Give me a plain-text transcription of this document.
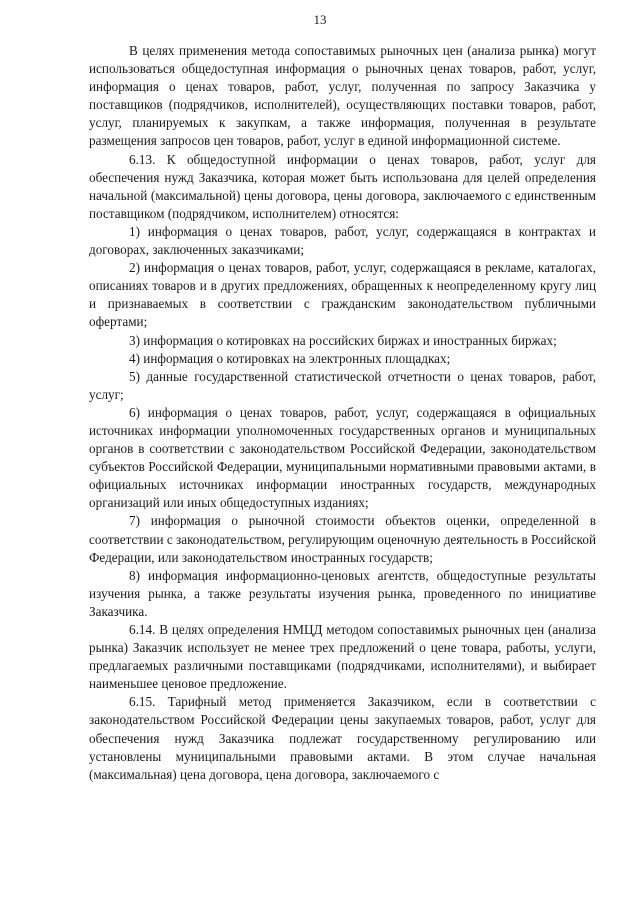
13

В целях применения метода сопоставимых рыночных цен (анализа рынка) могут использоваться общедоступная информация о рыночных ценах товаров, работ, услуг, информация о ценах товаров, работ, услуг, полученная по запросу Заказчика у поставщиков (подрядчиков, исполнителей), осуществляющих поставки товаров, работ, услуг, планируемых к закупкам, а также информация, полученная в результате размещения запросов цен товаров, работ, услуг в единой информационной системе.

6.13. К общедоступной информации о ценах товаров, работ, услуг для обеспечения нужд Заказчика, которая может быть использована для целей определения начальной (максимальной) цены договора, цены договора, заключаемого с единственным поставщиком (подрядчиком, исполнителем) относятся:

1) информация о ценах товаров, работ, услуг, содержащаяся в контрактах и договорах, заключенных заказчиками;

2) информация о ценах товаров, работ, услуг, содержащаяся в рекламе, каталогах, описаниях товаров и в других предложениях, обращенных к неопределенному кругу лиц и признаваемых в соответствии с гражданским законодательством публичными офертами;

3) информация о котировках на российских биржах и иностранных биржах;

4) информация о котировках на электронных площадках;

5) данные государственной статистической отчетности о ценах товаров, работ, услуг;

6) информация о ценах товаров, работ, услуг, содержащаяся в официальных источниках информации уполномоченных государственных органов и муниципальных органов в соответствии с законодательством Российской Федерации, законодательством субъектов Российской Федерации, муниципальными нормативными правовыми актами, в официальных источниках информации иностранных государств, международных организаций или иных общедоступных изданиях;

7) информация о рыночной стоимости объектов оценки, определенной в соответствии с законодательством, регулирующим оценочную деятельность в Российской Федерации, или законодательством иностранных государств;

8) информация информационно-ценовых агентств, общедоступные результаты изучения рынка, а также результаты изучения рынка, проведенного по инициативе Заказчика.

6.14. В целях определения НМЦД методом сопоставимых рыночных цен (анализа рынка) Заказчик использует не менее трех предложений о цене товара, работы, услуги, предлагаемых различными поставщиками (подрядчиками, исполнителями), и выбирает наименьшее ценовое предложение.

6.15. Тарифный метод применяется Заказчиком, если в соответствии с законодательством Российской Федерации цены закупаемых товаров, работ, услуг для обеспечения нужд Заказчика подлежат государственному регулированию или установлены муниципальными правовыми актами. В этом случае начальная (максимальная) цена договора, цена договора, заключаемого с
